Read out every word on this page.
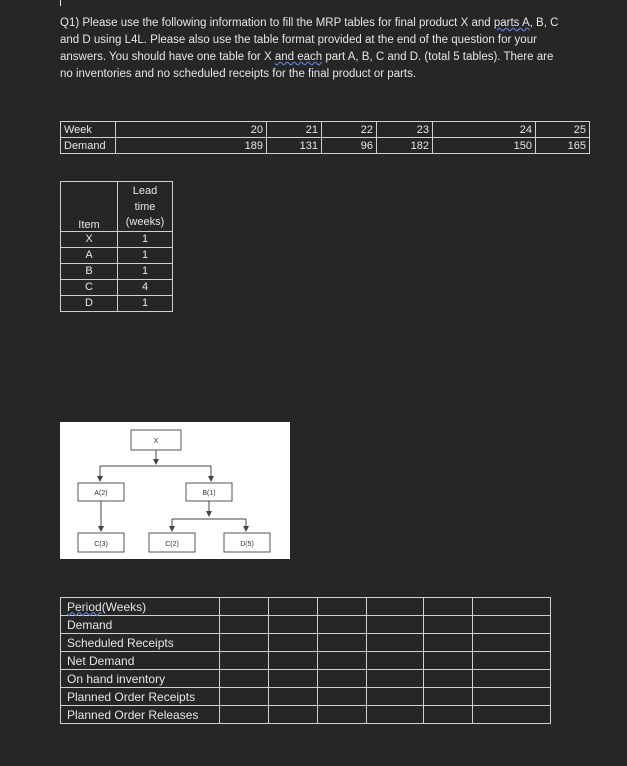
Q1) Please use the following information to fill the MRP tables for final product X and parts A, B, C

and D using L4L. Please also use the table format provided at the end of the question for your

answers. You should have one table for X and each part A, B, C and D. (total 5 tables). There are

no inventories and no scheduled receipts for the final product or parts.

Week	20	21	22	23	24	25
Demand	189	131	96	182	150	165
Item	Lead
time
(weeks)

X	1
A	1
B	1
C	4
D	1
X
A(2)	B(1)
C(3)	C(2)	D(5)
Period(Weeks)						
Demand						
Scheduled Receipts						
Net Demand						
On hand inventory						
Planned Order Receipts						
Planned Order Releases						
